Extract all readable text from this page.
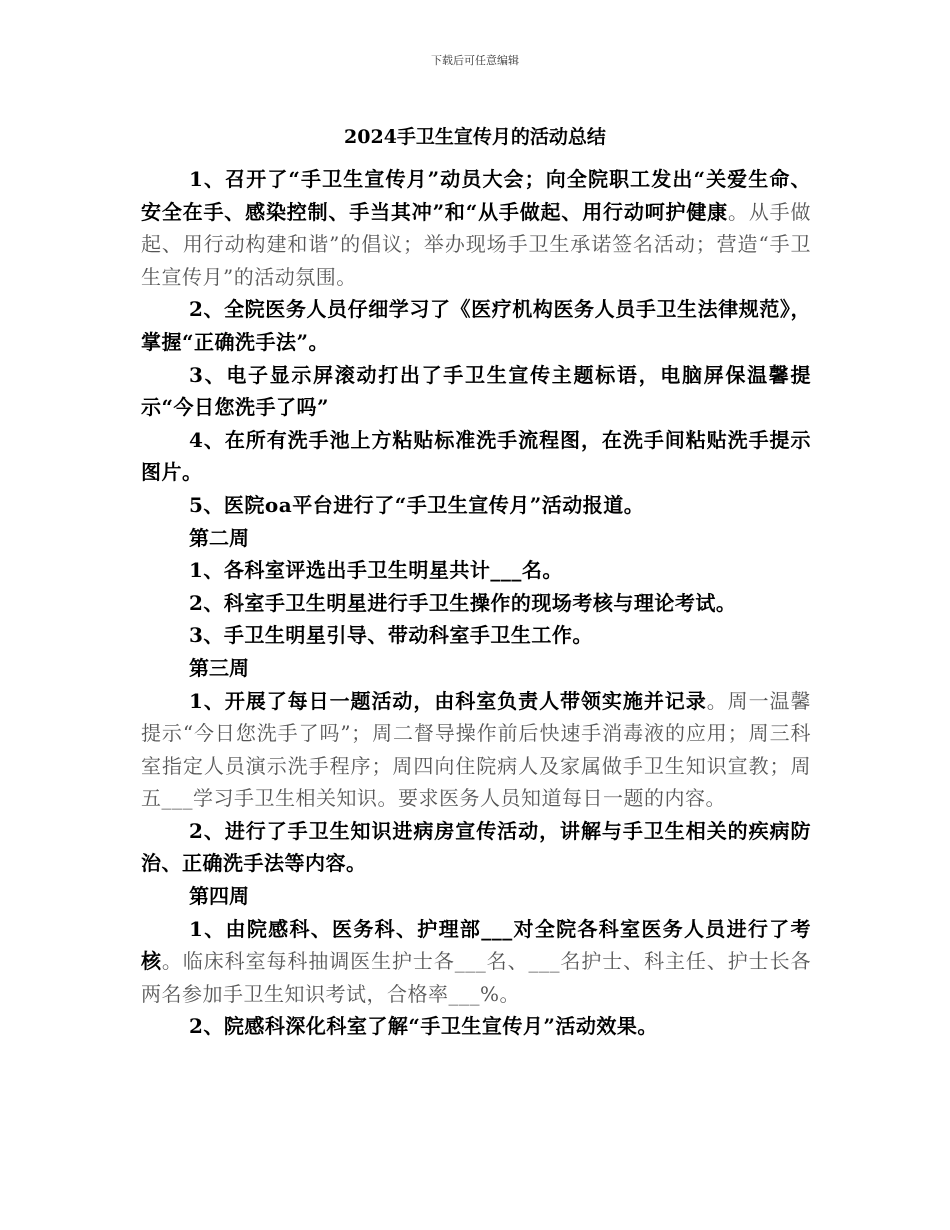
下载后可任意编辑
2024手卫生宣传月的活动总结

1、召开了“手卫生宣传月”动员大会；向全院职工发出“关爱生命、安全在手、感染控制、手当其冲”和“从手做起、用行动呵护健康。从手做起、用行动构建和谐”的倡议；举办现场手卫生承诺签名活动；营造“手卫生宣传月”的活动氛围。

2、全院医务人员仔细学习了《医疗机构医务人员手卫生法律规范》，掌握“正确洗手法”。

3、电子显示屏滚动打出了手卫生宣传主题标语，电脑屏保温馨提示“今日您洗手了吗”

4、在所有洗手池上方粘贴标准洗手流程图，在洗手间粘贴洗手提示图片。

5、医院oa平台进行了“手卫生宣传月”活动报道。

第二周

1、各科室评选出手卫生明星共计___名。

2、科室手卫生明星进行手卫生操作的现场考核与理论考试。

3、手卫生明星引导、带动科室手卫生工作。

第三周

1、开展了每日一题活动，由科室负责人带领实施并记录。周一温馨提示“今日您洗手了吗”；周二督导操作前后快速手消毒液的应用；周三科室指定人员演示洗手程序；周四向住院病人及家属做手卫生知识宣教；周五___学习手卫生相关知识。要求医务人员知道每日一题的内容。

2、进行了手卫生知识进病房宣传活动，讲解与手卫生相关的疾病防治、正确洗手法等内容。

第四周

1、由院感科、医务科、护理部___对全院各科室医务人员进行了考核。临床科室每科抽调医生护士各___名、___名护士、科主任、护士长各两名参加手卫生知识考试，合格率___%。

2、院感科深化科室了解“手卫生宣传月”活动效果。
